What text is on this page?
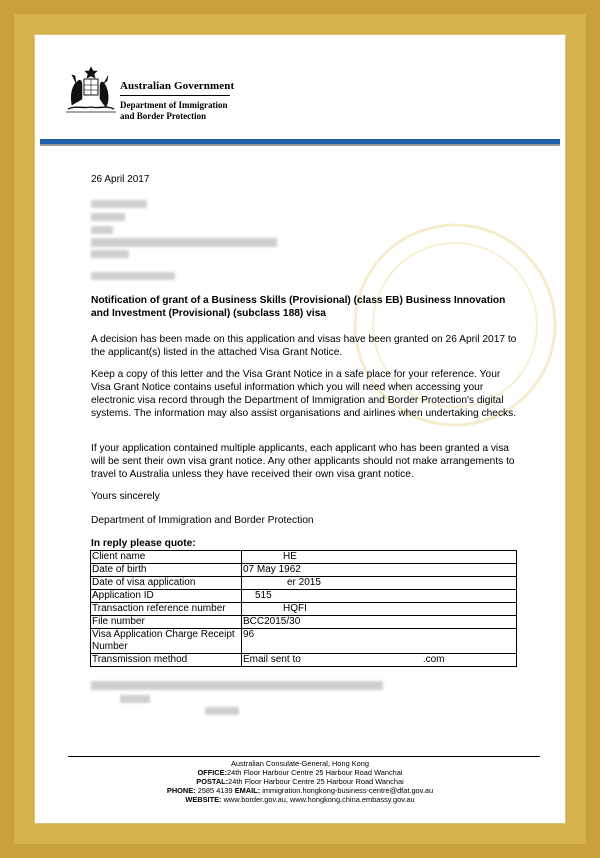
Australian Government
Department of Immigration
and Border Protection
26 April 2017
Notification of grant of a Business Skills (Provisional) (class EB) Business Innovation and Investment (Provisional) (subclass 188) visa
A decision has been made on this application and visas have been granted on 26 April 2017 to the applicant(s) listed in the attached Visa Grant Notice.
Keep a copy of this letter and the Visa Grant Notice in a safe place for your reference. Your Visa Grant Notice contains useful information which you will need when accessing your electronic visa record through the Department of Immigration and Border Protection's digital systems. The information may also assist organisations and airlines when undertaking checks.
If your application contained multiple applicants, each applicant who has been granted a visa will be sent their own visa grant notice. Any other applicants should not make arrangements to travel to Australia unless they have received their own visa grant notice.
Yours sincerely
Department of Immigration and Border Protection
In reply please quote:
Client name	HE
Date of birth	07 May 1962
Date of visa application	er 2015
Application ID	515
Transaction reference number	HQFI
File number	BCC2015/30
Visa Application Charge Receipt Number	96
Transmission method	Email sent to .com
Australian Consulate-General, Hong Kong
OFFICE:24th Floor Harbour Centre 25 Harbour Road Wanchai
POSTAL:24th Floor Harbour Centre 25 Harbour Road Wanchai
PHONE: 2585 4139 EMAIL: immigration.hongkong-business-centre@dfat.gov.au
WEBSITE: www.border.gov.au, www.hongkong.china.embassy.gov.au
